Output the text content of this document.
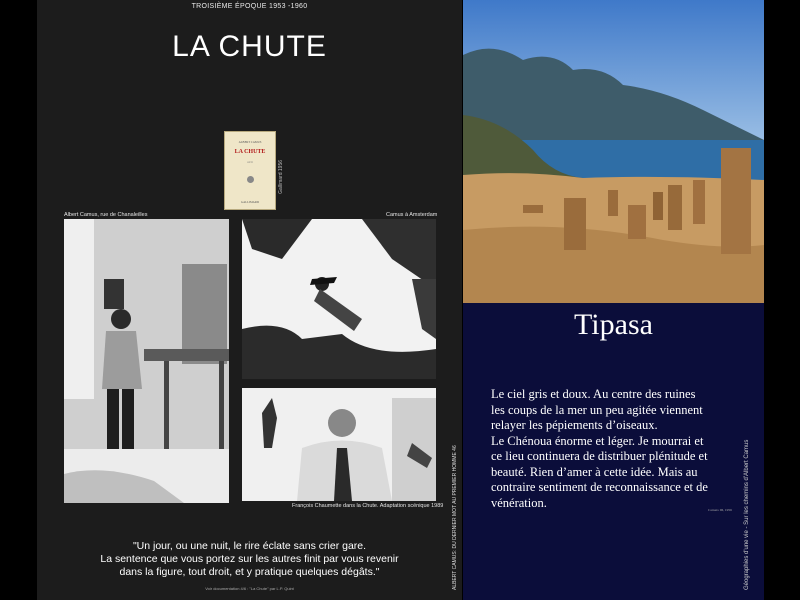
TROISIÈME ÉPOQUE 1953 -1960
LA CHUTE
ALBERT CAMUS
LA CHUTE
récit
GALLIMARD
Gallimard 1956
Albert Camus, rue de Chanaleilles	Camus à Amsterdam
François Chaumette dans la Chute. Adaptation scénique 1989
"Un jour, ou une nuit, le rire éclate sans crier gare.
La sentence que vous portez sur les autres finit par vous revenir
dans la figure, tout droit, et y pratique quelques dégâts."
Voir documentation 4/6 : "La Chute" par L.P. Quint	ALBERT CAMUS: DU DERNIER MOT AU PREMIER HOMME 46
Tipasa
Le ciel gris et doux. Au centre des ruines
les coups de la mer un peu agitée viennent
relayer les pépiements d’oiseaux.
Le Chénoua énorme et léger. Je mourrai et
ce lieu continuera de distribuer plénitude et
beauté. Rien d’amer à cette idée. Mais au
contraire sentiment de reconnaissance et de
vénération.
Carnets III, 1956 Géographies d'une vie - Sur les chemins d'Albert Camus
